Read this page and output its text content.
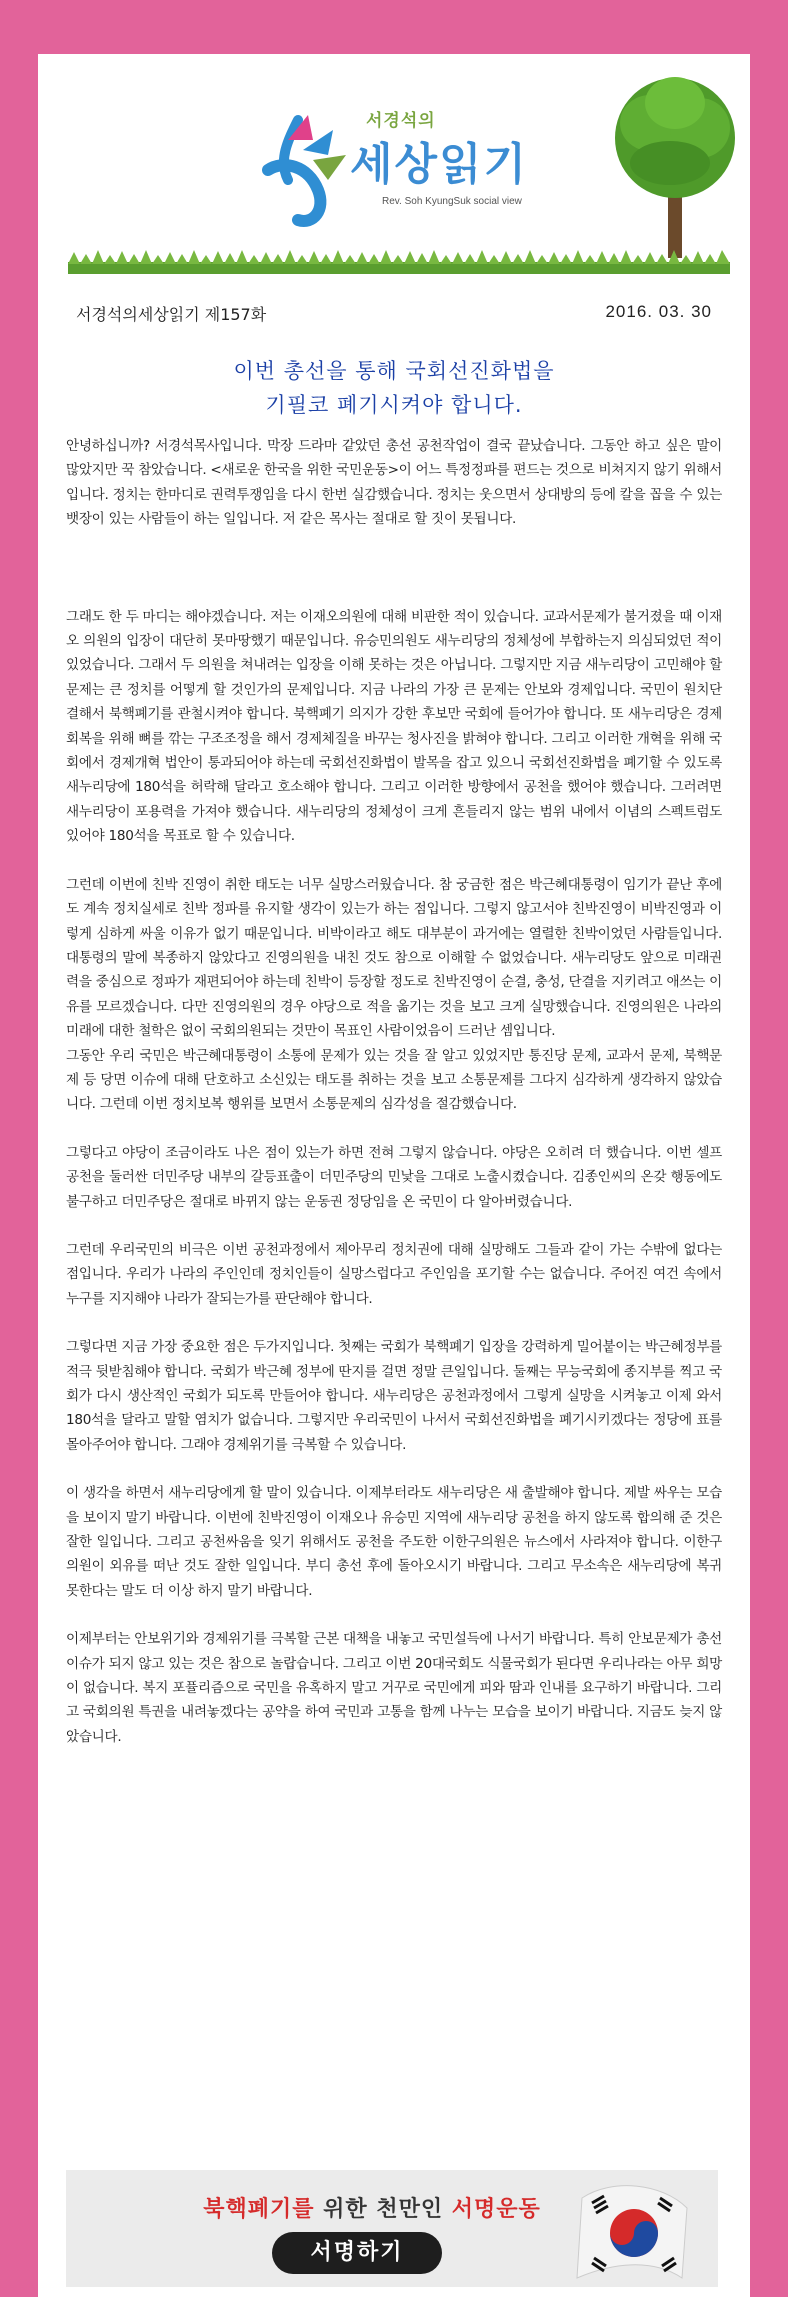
서경석의
세상읽기
Rev. Soh KyungSuk social view
서경석의세상읽기 제157화	2016. 03. 30
이번 총선을 통해 국회선진화법을
기필코 폐기시켜야 합니다.

안녕하십니까? 서경석목사입니다. 막장 드라마 같았던 총선 공천작업이 결국 끝났습니다. 그동안 하고 싶은 말이 많았지만 꾹 참았습니다. <새로운 한국을 위한 국민운동>이 어느 특정정파를 편드는 것으로 비쳐지지 않기 위해서입니다. 정치는 한마디로 권력투쟁임을 다시 한번 실감했습니다. 정치는 웃으면서 상대방의 등에 칼을 꼽을 수 있는 뱃장이 있는 사람들이 하는 일입니다. 저 같은 목사는 절대로 할 짓이 못됩니다.

그래도 한 두 마디는 해야겠습니다. 저는 이재오의원에 대해 비판한 적이 있습니다. 교과서문제가 불거졌을 때 이재오 의원의 입장이 대단히 못마땅했기 때문입니다. 유승민의원도 새누리당의 정체성에 부합하는지 의심되었던 적이 있었습니다. 그래서 두 의원을 쳐내려는 입장을 이해 못하는 것은 아닙니다. 그렇지만 지금 새누리당이 고민해야 할 문제는 큰 정치를 어떻게 할 것인가의 문제입니다. 지금 나라의 가장 큰 문제는 안보와 경제입니다. 국민이 원치단결해서 북핵폐기를 관철시켜야 합니다. 북핵폐기 의지가 강한 후보만 국회에 들어가야 합니다. 또 새누리당은 경제회복을 위해 뼈를 깎는 구조조정을 해서 경제체질을 바꾸는 청사진을 밝혀야 합니다. 그리고 이러한 개혁을 위해 국회에서 경제개혁 법안이 통과되어야 하는데 국회선진화법이 발목을 잡고 있으니 국회선진화법을 폐기할 수 있도록 새누리당에 180석을 허락해 달라고 호소해야 합니다. 그리고 이러한 방향에서 공천을 했어야 했습니다. 그러려면 새누리당이 포용력을 가져야 했습니다. 새누리당의 정체성이 크게 흔들리지 않는 범위 내에서 이념의 스펙트럼도 있어야 180석을 목표로 할 수 있습니다.

그런데 이번에 친박 진영이 취한 태도는 너무 실망스러웠습니다. 참 궁금한 점은 박근혜대통령이 임기가 끝난 후에도 계속 정치실세로 친박 정파를 유지할 생각이 있는가 하는 점입니다. 그렇지 않고서야 친박진영이 비박진영과 이렇게 심하게 싸울 이유가 없기 때문입니다. 비박이라고 해도 대부분이 과거에는 열렬한 친박이었던 사람들입니다. 대통령의 말에 복종하지 않았다고 진영의원을 내친 것도 참으로 이해할 수 없었습니다. 새누리당도 앞으로 미래권력을 중심으로 정파가 재편되어야 하는데 친박이 등장할 정도로 친박진영이 순결, 충성, 단결을 지키려고 애쓰는 이유를 모르겠습니다. 다만 진영의원의 경우 야당으로 적을 옮기는 것을 보고 크게 실망했습니다. 진영의원은 나라의 미래에 대한 철학은 없이 국회의원되는 것만이 목표인 사람이었음이 드러난 셈입니다.

그동안 우리 국민은 박근혜대통령이 소통에 문제가 있는 것을 잘 알고 있었지만 통진당 문제, 교과서 문제, 북핵문제 등 당면 이슈에 대해 단호하고 소신있는 태도를 취하는 것을 보고 소통문제를 그다지 심각하게 생각하지 않았습니다. 그런데 이번 정치보복 행위를 보면서 소통문제의 심각성을 절감했습니다.

그렇다고 야당이 조금이라도 나은 점이 있는가 하면 전혀 그렇지 않습니다. 야당은 오히려 더 했습니다. 이번 셀프공천을 둘러싼 더민주당 내부의 갈등표출이 더민주당의 민낯을 그대로 노출시켰습니다. 김종인씨의 온갖 행동에도 불구하고 더민주당은 절대로 바뀌지 않는 운동권 정당임을 온 국민이 다 알아버렸습니다.

그런데 우리국민의 비극은 이번 공천과정에서 제아무리 정치권에 대해 실망해도 그들과 같이 가는 수밖에 없다는 점입니다. 우리가 나라의 주인인데 정치인들이 실망스럽다고 주인임을 포기할 수는 없습니다. 주어진 여건 속에서 누구를 지지해야 나라가 잘되는가를 판단해야 합니다.

그렇다면 지금 가장 중요한 점은 두가지입니다. 첫째는 국회가 북핵폐기 입장을 강력하게 밀어붙이는 박근혜정부를 적극 뒷받침해야 합니다. 국회가 박근혜 정부에 딴지를 걸면 정말 큰일입니다. 둘째는 무능국회에 종지부를 찍고 국회가 다시 생산적인 국회가 되도록 만들어야 합니다. 새누리당은 공천과정에서 그렇게 실망을 시켜놓고 이제 와서 180석을 달라고 말할 염치가 없습니다. 그렇지만 우리국민이 나서서 국회선진화법을 폐기시키겠다는 정당에 표를 몰아주어야 합니다. 그래야 경제위기를 극복할 수 있습니다.

이 생각을 하면서 새누리당에게 할 말이 있습니다. 이제부터라도 새누리당은 새 출발해야 합니다. 제발 싸우는 모습을 보이지 말기 바랍니다. 이번에 친박진영이 이재오나 유승민 지역에 새누리당 공천을 하지 않도록 합의해 준 것은 잘한 일입니다. 그리고 공천싸움을 잊기 위해서도 공천을 주도한 이한구의원은 뉴스에서 사라져야 합니다. 이한구의원이 외유를 떠난 것도 잘한 일입니다. 부디 총선 후에 돌아오시기 바랍니다. 그리고 무소속은 새누리당에 복귀 못한다는 말도 더 이상 하지 말기 바랍니다.

이제부터는 안보위기와 경제위기를 극복할 근본 대책을 내놓고 국민설득에 나서기 바랍니다. 특히 안보문제가 총선이슈가 되지 않고 있는 것은 참으로 놀랍습니다. 그리고 이번 20대국회도 식물국회가 된다면 우리나라는 아무 희망이 없습니다. 복지 포퓰리즘으로 국민을 유혹하지 말고 거꾸로 국민에게 피와 땀과 인내를 요구하기 바랍니다. 그리고 국회의원 특권을 내려놓겠다는 공약을 하여 국민과 고통을 함께 나누는 모습을 보이기 바랍니다. 지금도 늦지 않았습니다.

북핵폐기를 위한 천만인 서명운동
서명하기
